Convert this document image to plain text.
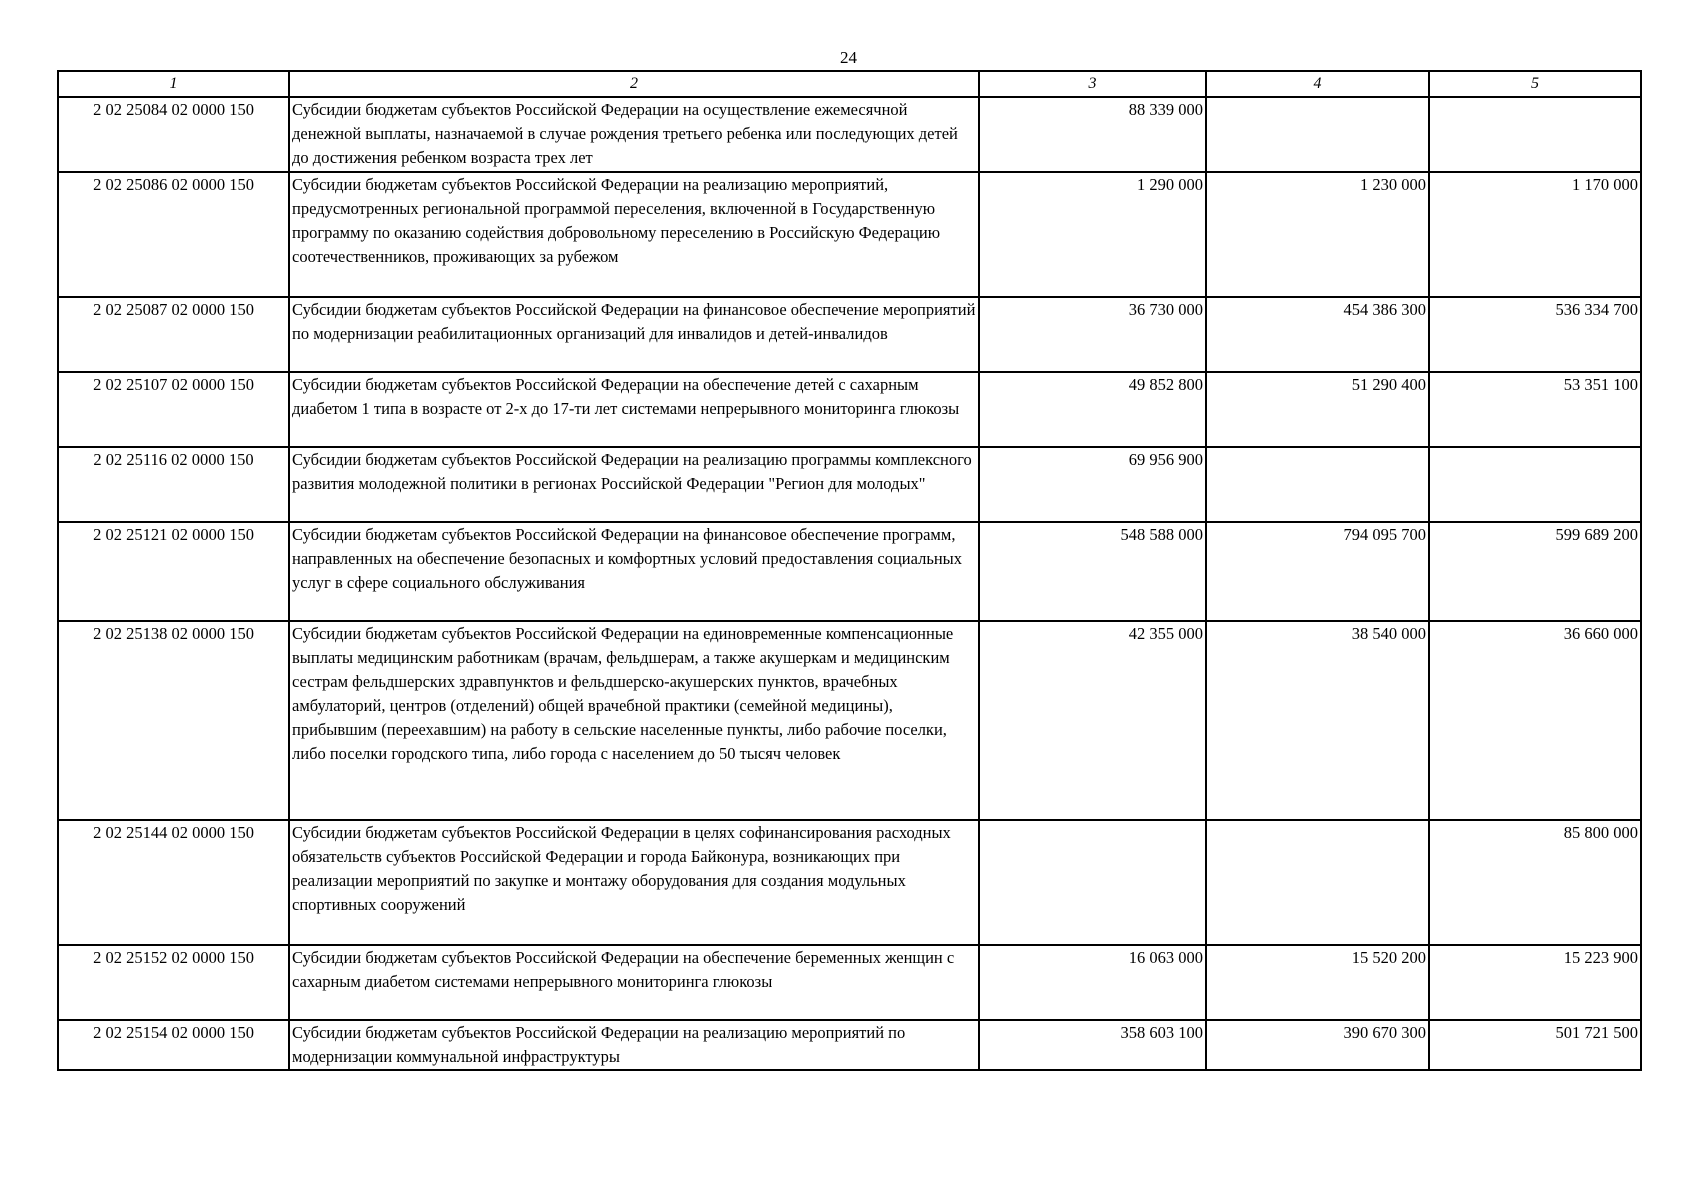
24
1	2	3	4	5
2 02 25084 02 0000 150	Субсидии бюджетам субъектов Российской Федерации на осуществление ежемесячной денежной выплаты, назначаемой в случае рождения третьего ребенка или последующих детей до достижения ребенком возраста трех лет	88 339 000		
2 02 25086 02 0000 150	Субсидии бюджетам субъектов Российской Федерации на реализацию мероприятий, предусмотренных региональной программой переселения, включенной в Государственную программу по оказанию содействия добровольному переселению в Российскую Федерацию соотечественников, проживающих за рубежом	1 290 000	1 230 000	1 170 000
2 02 25087 02 0000 150	Субсидии бюджетам субъектов Российской Федерации на финансовое обеспечение мероприятий по модернизации реабилитационных организаций для инвалидов и детей-инвалидов	36 730 000	454 386 300	536 334 700
2 02 25107 02 0000 150	Субсидии бюджетам субъектов Российской Федерации на обеспечение детей с сахарным диабетом 1 типа в возрасте от 2-х до 17-ти лет системами непрерывного мониторинга глюкозы	49 852 800	51 290 400	53 351 100
2 02 25116 02 0000 150	Субсидии бюджетам субъектов Российской Федерации на реализацию программы комплексного развития молодежной политики в регионах Российской Федерации "Регион для молодых"	69 956 900		
2 02 25121 02 0000 150	Субсидии бюджетам субъектов Российской Федерации на финансовое обеспечение программ, направленных на обеспечение безопасных и комфортных условий предоставления социальных услуг в сфере социального обслуживания	548 588 000	794 095 700	599 689 200
2 02 25138 02 0000 150	Субсидии бюджетам субъектов Российской Федерации на единовременные компенсационные выплаты медицинским работникам (врачам, фельдшерам, а также акушеркам и медицинским сестрам фельдшерских здравпунктов и фельдшерско-акушерских пунктов, врачебных амбулаторий, центров (отделений) общей врачебной практики (семейной медицины), прибывшим (переехавшим) на работу в сельские населенные пункты, либо рабочие поселки, либо поселки городского типа, либо города с населением до 50 тысяч человек	42 355 000	38 540 000	36 660 000
2 02 25144 02 0000 150	Субсидии бюджетам субъектов Российской Федерации в целях софинансирования расходных обязательств субъектов Российской Федерации и города Байконура, возникающих при реализации мероприятий по закупке и монтажу оборудования для создания модульных спортивных сооружений			85 800 000
2 02 25152 02 0000 150	Субсидии бюджетам субъектов Российской Федерации на обеспечение беременных женщин с сахарным диабетом системами непрерывного мониторинга глюкозы	16 063 000	15 520 200	15 223 900
2 02 25154 02 0000 150	Субсидии бюджетам субъектов Российской Федерации на реализацию мероприятий по модернизации коммунальной инфраструктуры	358 603 100	390 670 300	501 721 500
